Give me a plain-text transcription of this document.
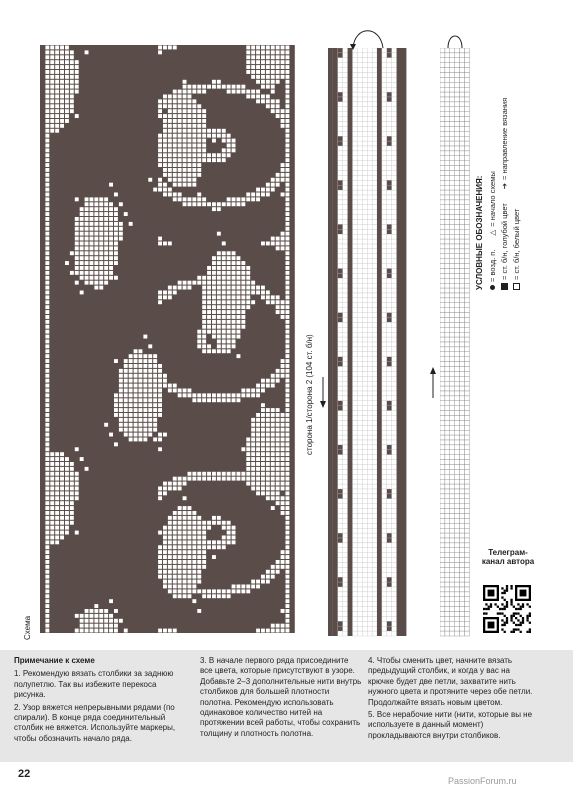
Схема
сторона 1/сторона 2 (104 ст. б/н)
УСЛОВНЫЕ ОБОЗНАЧЕНИЯ: = возд. п.
△
= начало схемы
= ст. б/н, голубой цвет
➔
= направление вязания
= ст. б/н, белый цвет
Телеграм-канал автора

Примечание к схеме

1. Рекомендую вязать столбики за заднюю полупетлю. Так вы избежите перекоса рисунка.

2. Узор вяжется непрерывными рядами (по спирали). В конце ряда соединительный столбик не вяжется. Используйте маркеры, чтобы обозначить начало ряда.

3. В начале первого ряда присоедините все цвета, которые присутствуют в узоре. Добавьте 2–3 дополнительные нити внутрь столбиков для большей плотности полотна. Рекомендую использовать одинаковое количество нитей на протяжении всей работы, чтобы сохранить толщину и плотность полотна.

4. Чтобы сменить цвет, начните вязать предыдущий столбик, и когда у вас на крючке будет две петли, захватите нить нужного цвета и протяните через обе петли. Продолжайте вязать новым цветом.

5. Все нерабочие нити (нити, которые вы не используете в данный момент) прокладываются внутри столбиков.

22
PassionForum.ru
